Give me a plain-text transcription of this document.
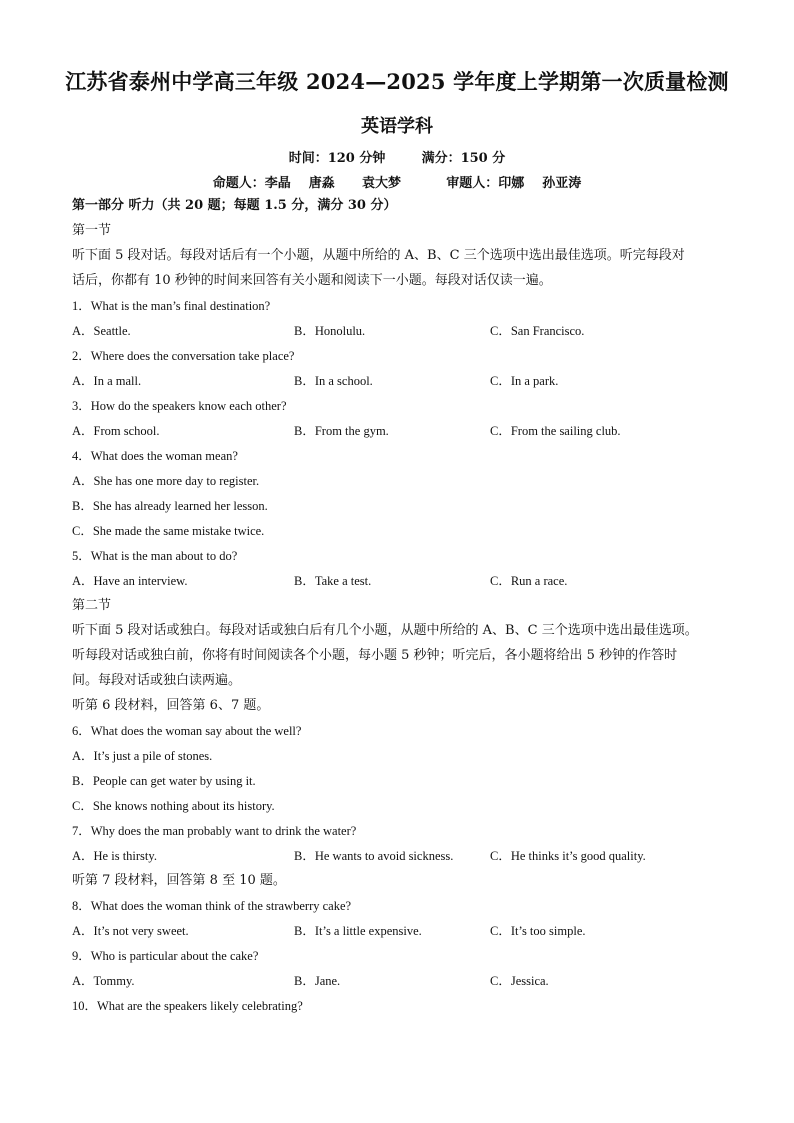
江苏省泰州中学高三年级 2024—2025 学年度上学期第一次质量检测
英语学科
时间：120 分钟        满分：150 分
命题人：李晶    唐淼      袁大梦          审题人：印娜    孙亚涛
第一部分 听力（共 20 题；每题 1.5 分，满分 30 分）
第一节
听下面 5 段对话。每段对话后有一个小题，从题中所给的 A、B、C 三个选项中选出最佳选项。听完每段对
话后，你都有 10 秒钟的时间来回答有关小题和阅读下一小题。每段对话仅读一遍。
1．What is the man’s final destination?
A．Seattle.	B．Honolulu.	C．San Francisco.
2．Where does the conversation take place?
A．In a mall.	B．In a school.	C．In a park.
3．How do the speakers know each other?
A．From school.	B．From the gym.	C．From the sailing club.
4．What does the woman mean?
A．She has one more day to register.
B．She has already learned her lesson.
C．She made the same mistake twice.
5．What is the man about to do?
A．Have an interview.	B．Take a test.	C．Run a race.
第二节
听下面 5 段对话或独白。每段对话或独白后有几个小题，从题中所给的 A、B、C 三个选项中选出最佳选项。
听每段对话或独白前，你将有时间阅读各个小题，每小题 5 秒钟；听完后，各小题将给出 5 秒钟的作答时
间。每段对话或独白读两遍。
听第 6 段材料，回答第 6、7 题。
6．What does the woman say about the well?
A．It’s just a pile of stones.
B．People can get water by using it.
C．She knows nothing about its history.
7．Why does the man probably want to drink the water?
A．He is thirsty.	B．He wants to avoid sickness.	C．He thinks it’s good quality.
听第 7 段材料，回答第 8 至 10 题。
8．What does the woman think of the strawberry cake?
A．It’s not very sweet.	B．It’s a little expensive.	C．It’s too simple.
9．Who is particular about the cake?
A．Tommy.	B．Jane.	C．Jessica.
10．What are the speakers likely celebrating?
